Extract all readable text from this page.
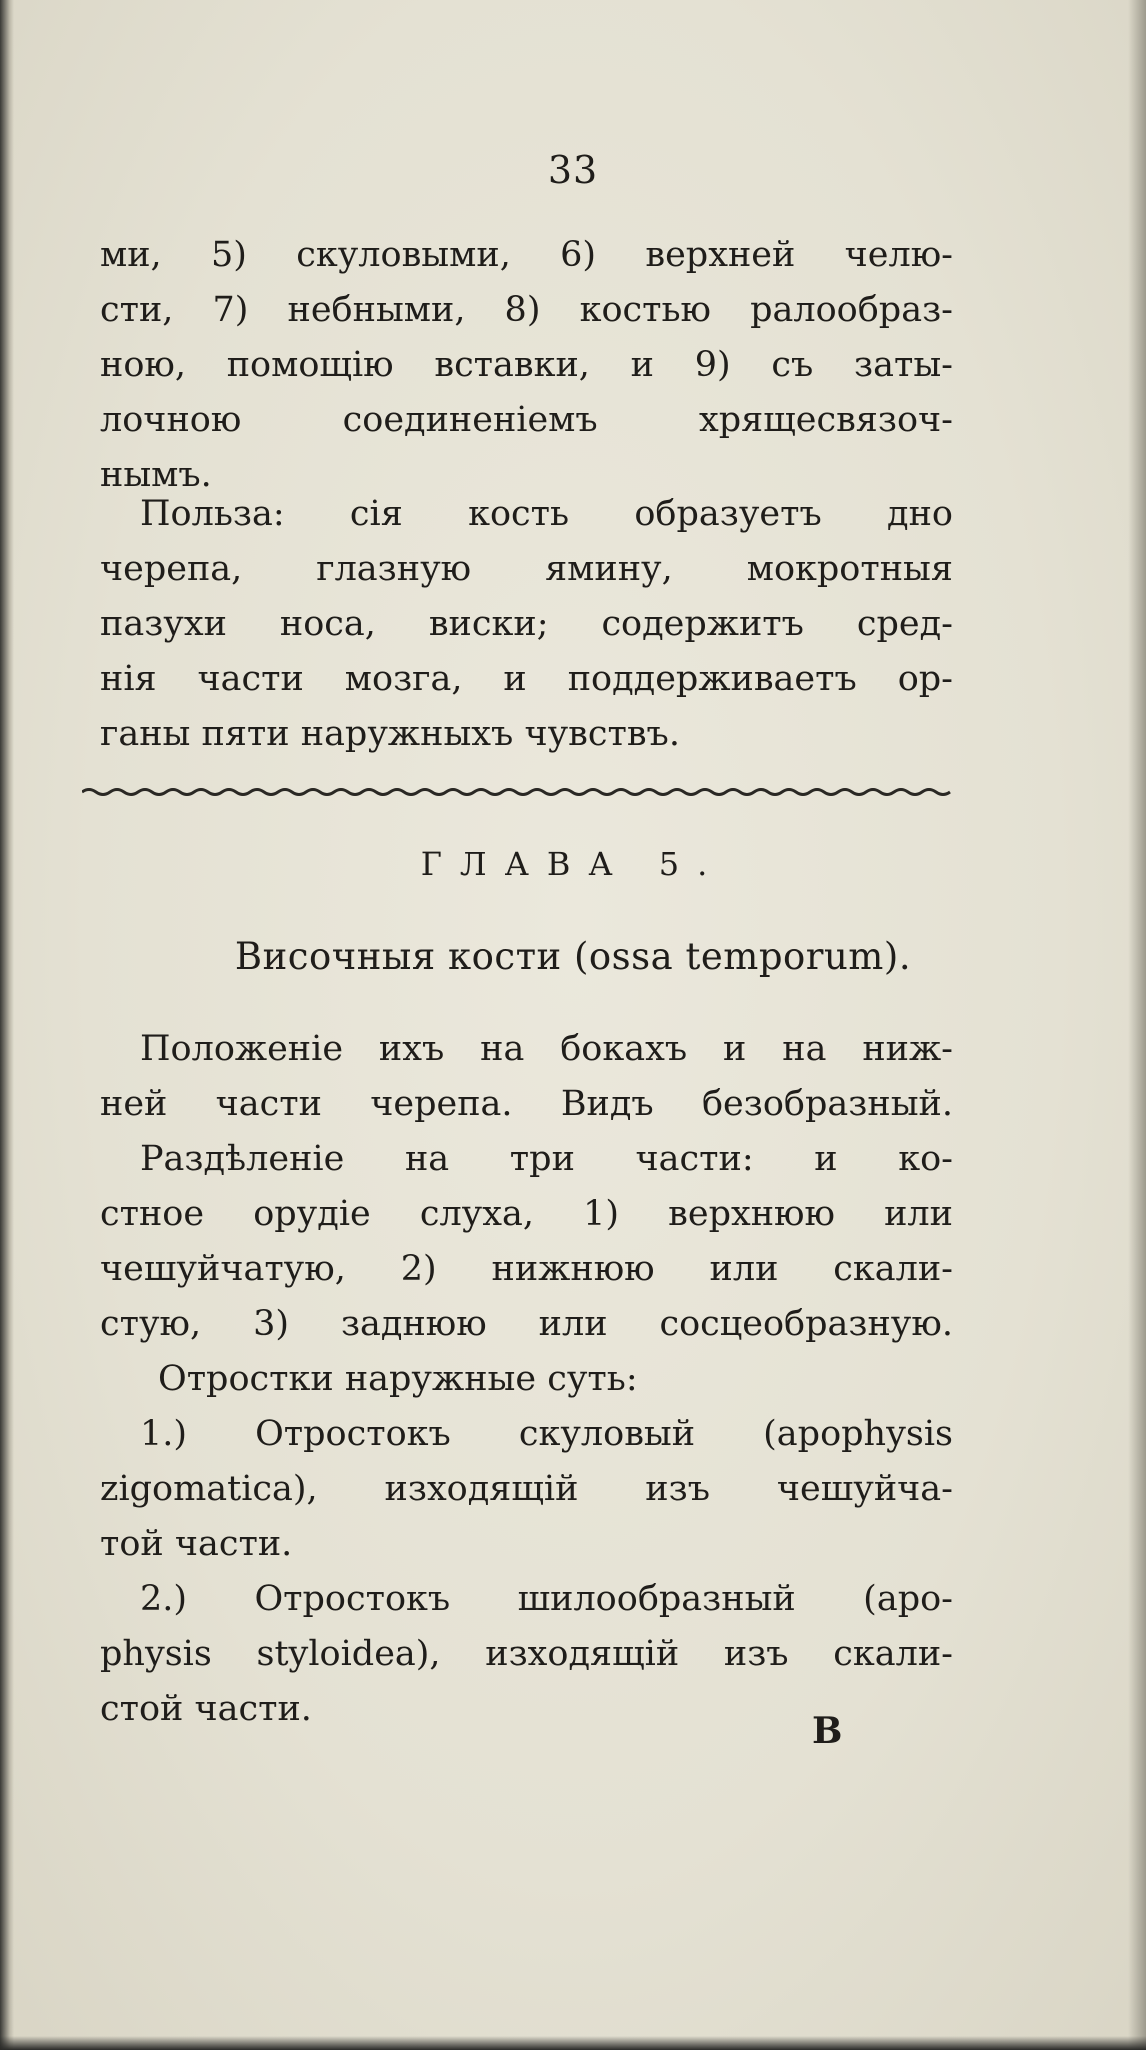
33
ми, 5) скуловыми, 6) верхней челю-
сти, 7) небными, 8) костью ралообраз-
ною, помощію вставки, и 9) съ заты-
лочною соединеніемъ хрящесвязоч-
нымъ.
Польза: сія кость образуетъ дно
черепа, глазную ямину, мокротныя
пазухи носа, виски; содержитъ сред-
нія части мозга, и поддерживаетъ ор-
ганы пяти наружныхъ чувствъ.
ГЛАВА 5.
Височныя кости (ossa temporum).
Положеніе ихъ на бокахъ и на ниж-
ней части черепа. Видъ безобразный.
Раздѣленіе на три части: и ко-
стное орудіе слуха, 1) верхнюю или
чешуйчатую, 2) нижнюю или скали-
стую, 3) заднюю или сосцеобразную.
Отростки наружные суть:
1.) Отростокъ скуловый (apophysis
zigomatica), изходящій изъ чешуйча-
той части.
2.) Отростокъ шилообразный (apo-
physis styloidea), изходящій изъ скали-
стой части.
В
